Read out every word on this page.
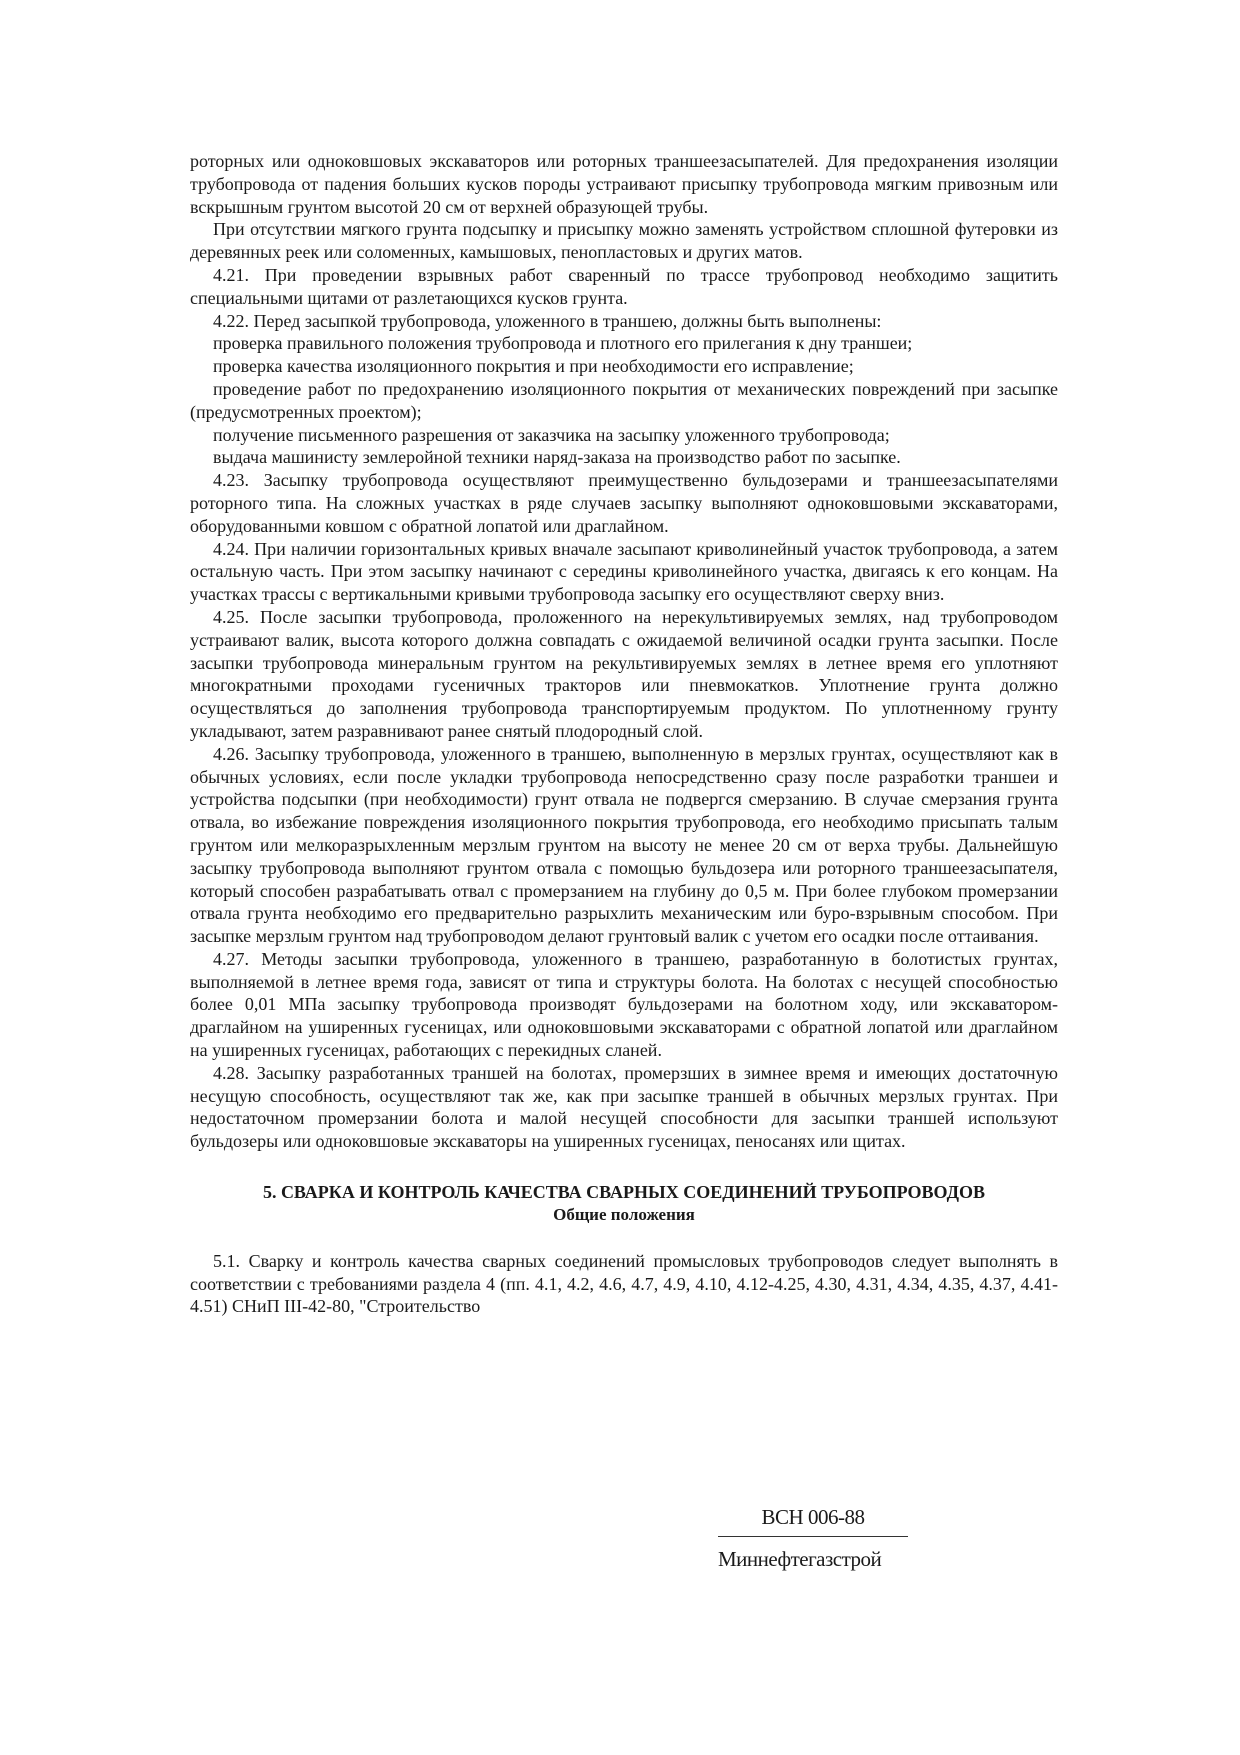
роторных или одноковшовых экскаваторов или роторных траншеезасыпателей. Для предохранения изоляции трубопровода от падения больших кусков породы устраивают присыпку трубопровода мягким привозным или вскрышным грунтом высотой 20 см от верхней образующей трубы.

При отсутствии мягкого грунта подсыпку и присыпку можно заменять устройством сплошной футеровки из деревянных реек или соломенных, камышовых, пенопластовых и других матов.

4.21. При проведении взрывных работ сваренный по трассе трубопровод необходимо защитить специальными щитами от разлетающихся кусков грунта.

4.22. Перед засыпкой трубопровода, уложенного в траншею, должны быть выполнены:

проверка правильного положения трубопровода и плотного его прилегания к дну траншеи;

проверка качества изоляционного покрытия и при необходимости его исправление;

проведение работ по предохранению изоляционного покрытия от механических повреждений при засыпке (предусмотренных проектом);

получение письменного разрешения от заказчика на засыпку уложенного трубопровода;

выдача машинисту землеройной техники наряд-заказа на производство работ по засыпке.

4.23. Засыпку трубопровода осуществляют преимущественно бульдозерами и траншеезасыпателями роторного типа. На сложных участках в ряде случаев засыпку выполняют одноковшовыми экскаваторами, оборудованными ковшом с обратной лопатой или драглайном.

4.24. При наличии горизонтальных кривых вначале засыпают криволинейный участок трубопровода, а затем остальную часть. При этом засыпку начинают с середины криволинейного участка, двигаясь к его концам. На участках трассы с вертикальными кривыми трубопровода засыпку его осуществляют сверху вниз.

4.25. После засыпки трубопровода, проложенного на нерекультивируемых землях, над трубопроводом устраивают валик, высота которого должна совпадать с ожидаемой величиной осадки грунта засыпки. После засыпки трубопровода минеральным грунтом на рекультивируемых землях в летнее время его уплотняют многократными проходами гусеничных тракторов или пневмокатков. Уплотнение грунта должно осуществляться до заполнения трубопровода транспортируемым продуктом. По уплотненному грунту укладывают, затем разравнивают ранее снятый плодородный слой.

4.26. Засыпку трубопровода, уложенного в траншею, выполненную в мерзлых грунтах, осуществляют как в обычных условиях, если после укладки трубопровода непосредственно сразу после разработки траншеи и устройства подсыпки (при необходимости) грунт отвала не подвергся смерзанию. В случае смерзания грунта отвала, во избежание повреждения изоляционного покрытия трубопровода, его необходимо присыпать талым грунтом или мелкоразрыхленным мерзлым грунтом на высоту не менее 20 см от верха трубы. Дальнейшую засыпку трубопровода выполняют грунтом отвала с помощью бульдозера или роторного траншеезасыпателя, который способен разрабатывать отвал с промерзанием на глубину до 0,5 м. При более глубоком промерзании отвала грунта необходимо его предварительно разрыхлить механическим или буро-взрывным способом. При засыпке мерзлым грунтом над трубопроводом делают грунтовый валик с учетом его осадки после оттаивания.

4.27. Методы засыпки трубопровода, уложенного в траншею, разработанную в болотистых грунтах, выполняемой в летнее время года, зависят от типа и структуры болота. На болотах с несущей способностью более 0,01 МПа засыпку трубопровода производят бульдозерами на болотном ходу, или экскаватором-драглайном на уширенных гусеницах, или одноковшовыми экскаваторами с обратной лопатой или драглайном на уширенных гусеницах, работающих с перекидных сланей.

4.28. Засыпку разработанных траншей на болотах, промерзших в зимнее время и имеющих достаточную несущую способность, осуществляют так же, как при засыпке траншей в обычных мерзлых грунтах. При недостаточном промерзании болота и малой несущей способности для засыпки траншей используют бульдозеры или одноковшовые экскаваторы на уширенных гусеницах, пеносанях или щитах.

5. СВАРКА И КОНТРОЛЬ КАЧЕСТВА СВАРНЫХ СОЕДИНЕНИЙ ТРУБОПРОВОДОВ
Общие положения

5.1. Сварку и контроль качества сварных соединений промысловых трубопроводов следует выполнять в соответствии с требованиями раздела 4 (пп. 4.1, 4.2, 4.6, 4.7, 4.9, 4.10, 4.12-4.25, 4.30, 4.31, 4.34, 4.35, 4.37, 4.41-4.51) СНиП III-42-80, "Строительство

ВСН 006-88
Миннефтегазстрой
